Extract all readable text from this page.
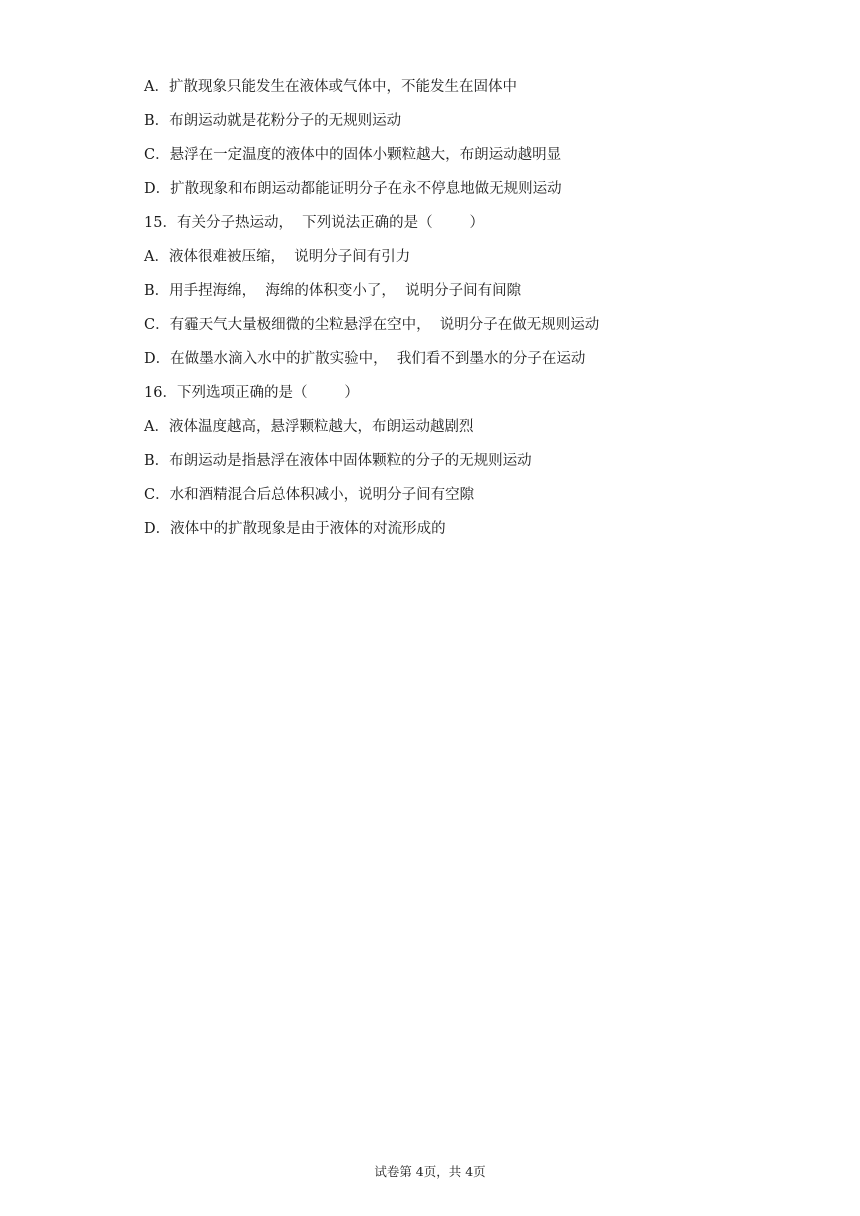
A．扩散现象只能发生在液体或气体中，不能发生在固体中
B．布朗运动就是花粉分子的无规则运动
C．悬浮在一定温度的液体中的固体小颗粒越大，布朗运动越明显
D．扩散现象和布朗运动都能证明分子在永不停息地做无规则运动
15．有关分子热运动，  下列说法正确的是（        ）
A．液体很难被压缩，  说明分子间有引力
B．用手捏海绵，  海绵的体积变小了，  说明分子间有间隙
C．有霾天气大量极细微的尘粒悬浮在空中，  说明分子在做无规则运动
D．在做墨水滴入水中的扩散实验中，  我们看不到墨水的分子在运动
16．下列选项正确的是（        ）
A．液体温度越高，悬浮颗粒越大，布朗运动越剧烈
B．布朗运动是指悬浮在液体中固体颗粒的分子的无规则运动
C．水和酒精混合后总体积减小，说明分子间有空隙
D．液体中的扩散现象是由于液体的对流形成的
试卷第 4页，共 4页
